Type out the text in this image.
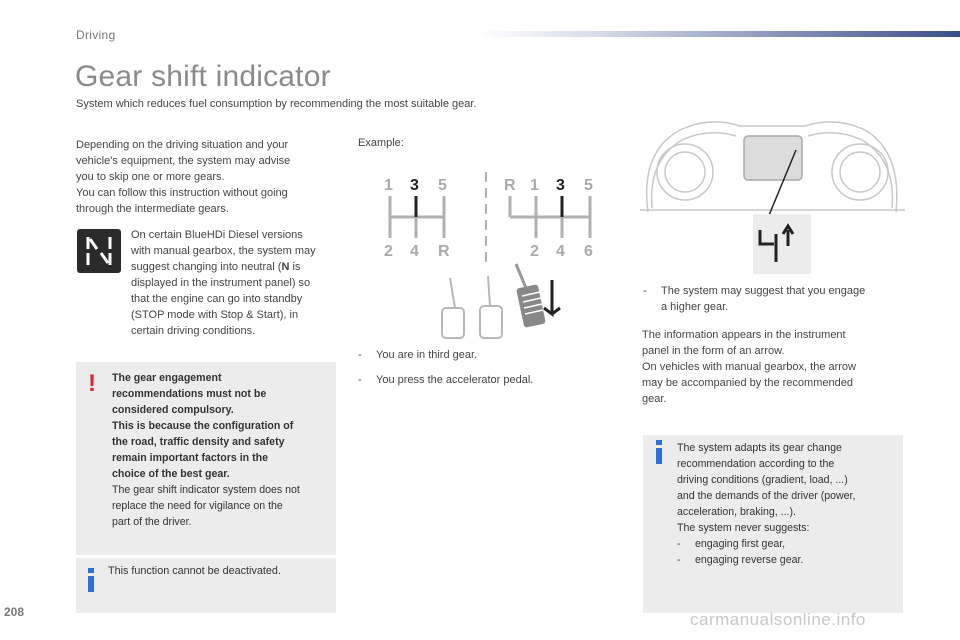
Driving
Gear shift indicator
System which reduces fuel consumption by recommending the most suitable gear.

Depending on the driving situation and your

vehicle's equipment, the system may advise

you to skip one or more gears.

You can follow this instruction without going

through the intermediate gears.

On certain BlueHDi Diesel versions

with manual gearbox, the system may

suggest changing into neutral (N is

displayed in the instrument panel) so

that the engine can go into standby

(STOP mode with Stop & Start), in

certain driving conditions.

! The gear engagement

recommendations must not be

considered compulsory.

This is because the configuration of

the road, traffic density and safety

remain important factors in the

choice of the best gear.

The gear shift indicator system does not

replace the need for vigilance on the

part of the driver.

This function cannot be deactivated.
Example:
1 3 5
2 4 R
R 1 3 5
2 4 6
- You are in third gear.
- You press the accelerator pedal.

- The system may suggest that you engage

a higher gear.

The information appears in the instrument

panel in the form of an arrow.

On vehicles with manual gearbox, the arrow

may be accompanied by the recommended

gear.

The system adapts its gear change

recommendation according to the

driving conditions (gradient, load, ...)

and the demands of the driver (power,

acceleration, braking, ...).

The system never suggests:

- engaging first gear,

- engaging reverse gear.

208	carmanualsonline.info
